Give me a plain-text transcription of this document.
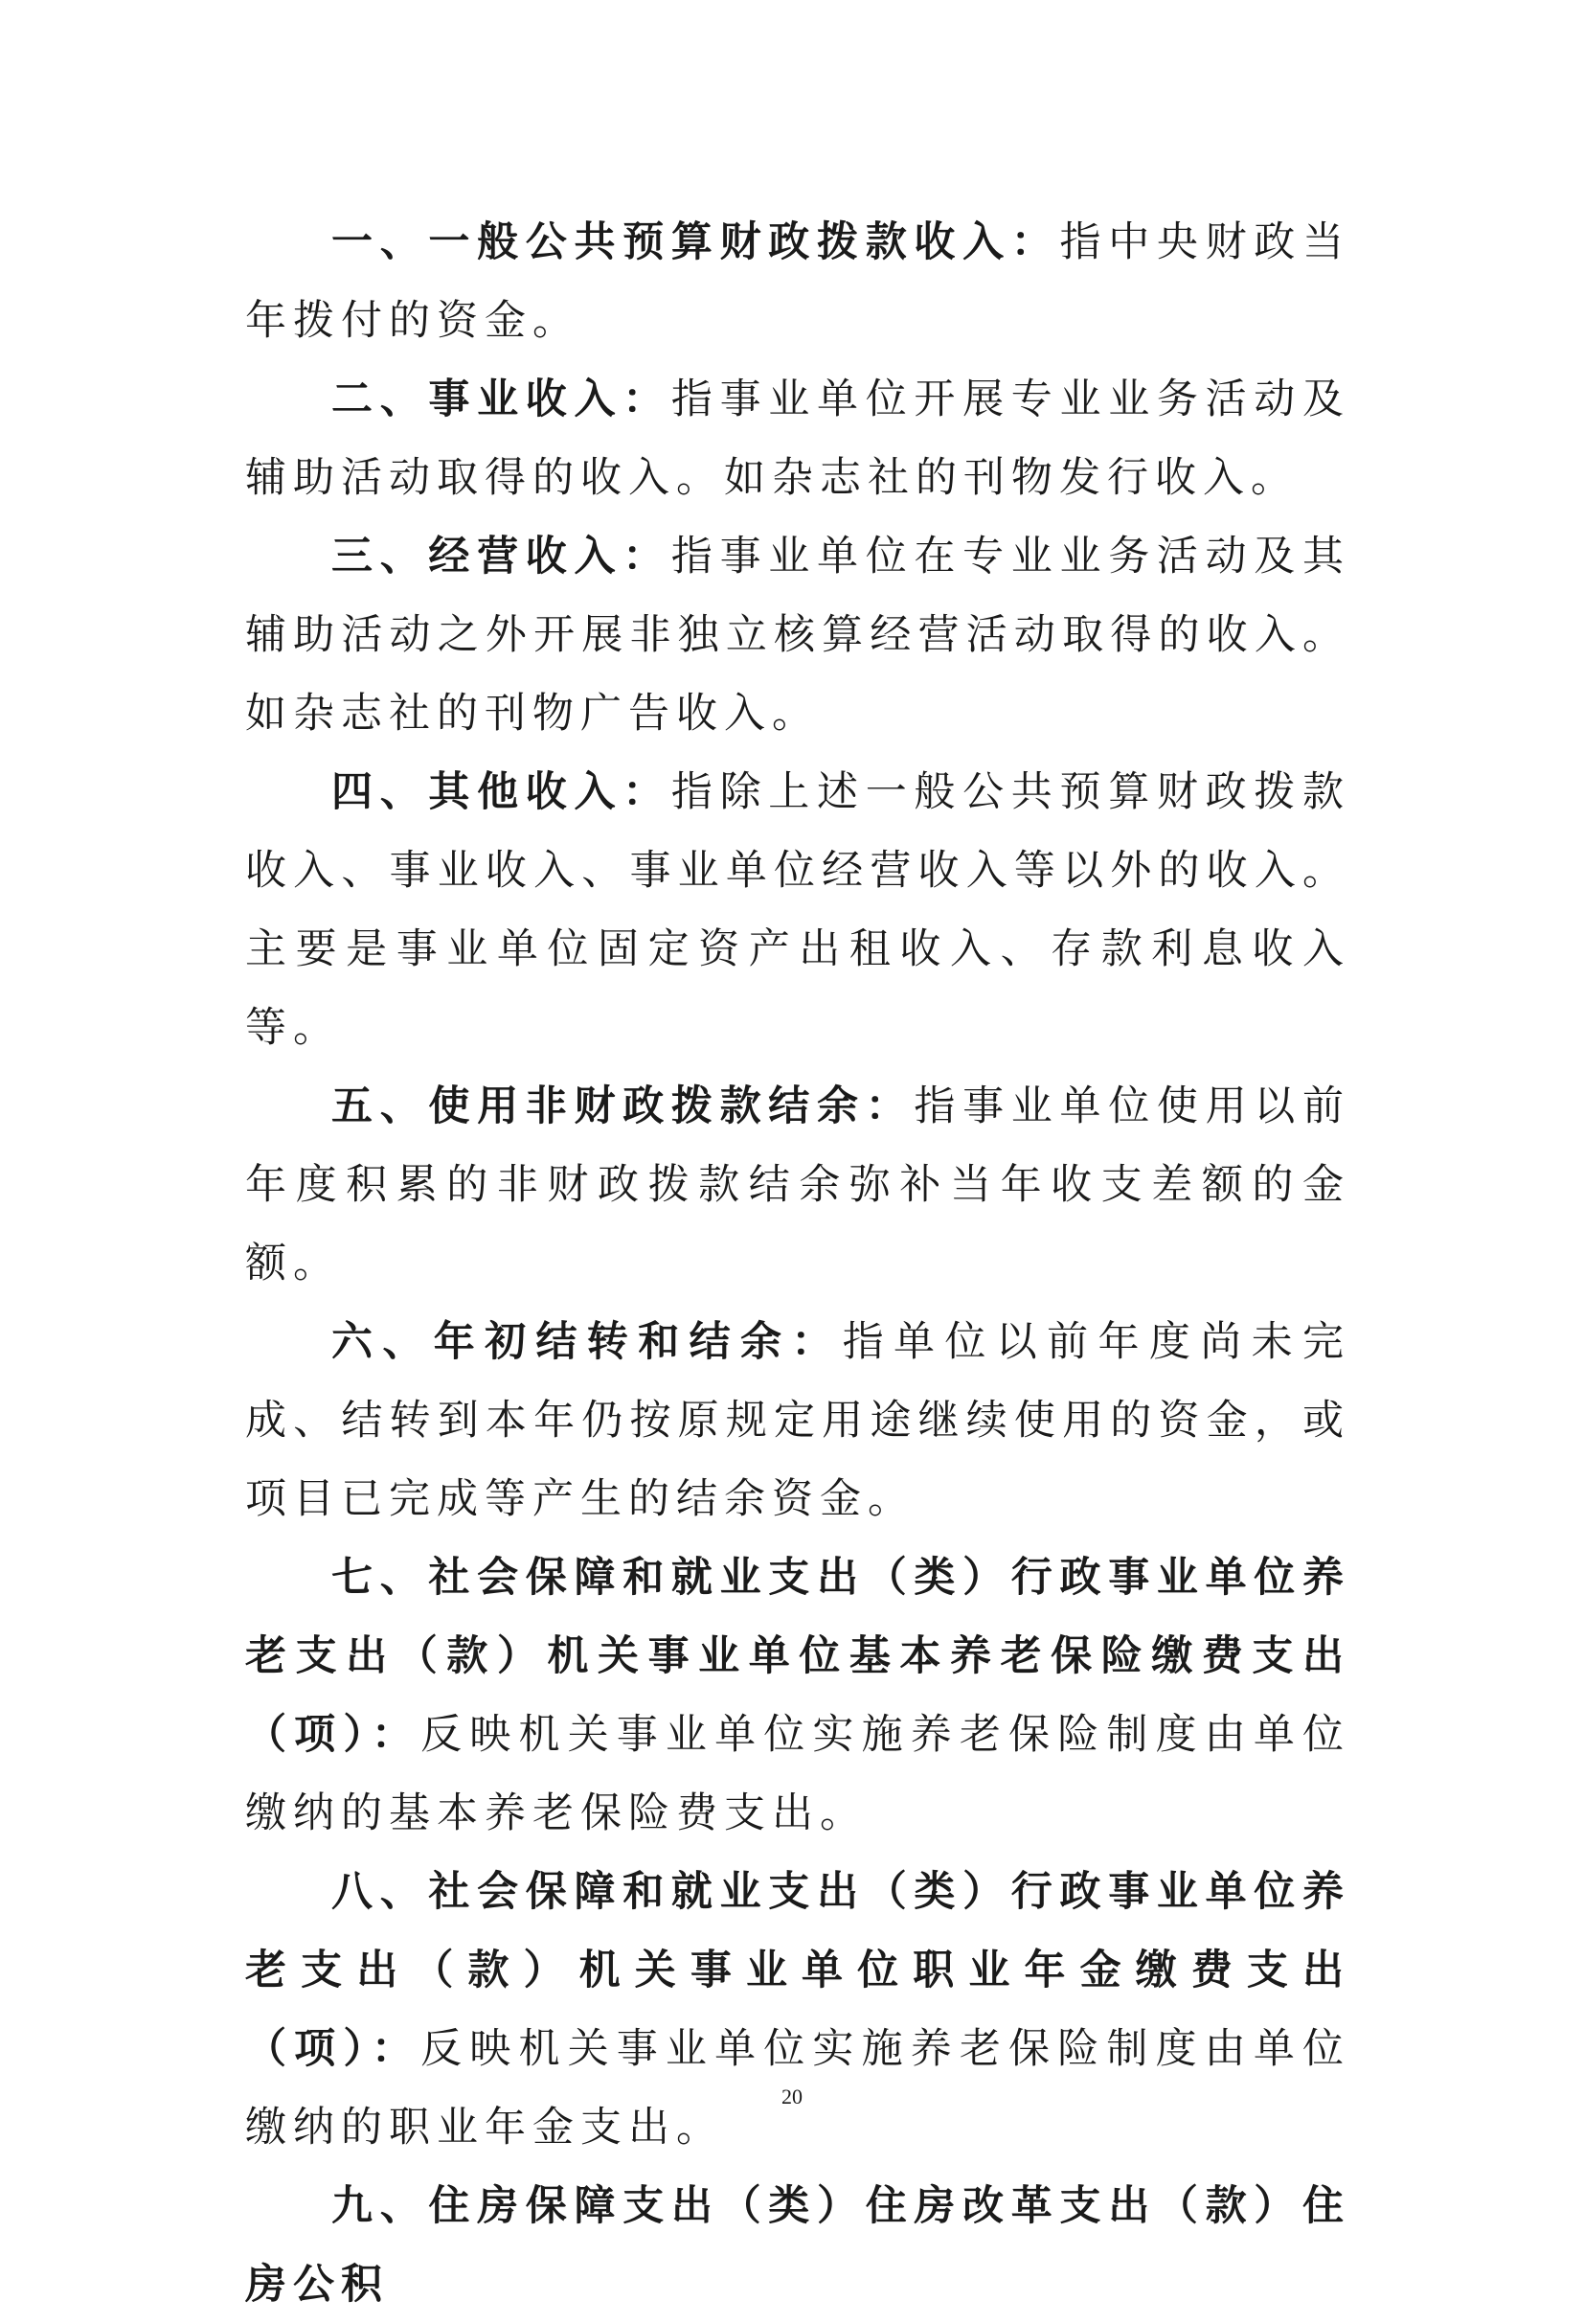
一、一般公共预算财政拨款收入：指中央财政当年拨付的资金。

二、事业收入：指事业单位开展专业业务活动及辅助活动取得的收入。如杂志社的刊物发行收入。

三、经营收入：指事业单位在专业业务活动及其辅助活动之外开展非独立核算经营活动取得的收入。如杂志社的刊物广告收入。

四、其他收入：指除上述一般公共预算财政拨款收入、事业收入、事业单位经营收入等以外的收入。主要是事业单位固定资产出租收入、存款利息收入等。

五、使用非财政拨款结余：指事业单位使用以前年度积累的非财政拨款结余弥补当年收支差额的金额。

六、年初结转和结余：指单位以前年度尚未完成、结转到本年仍按原规定用途继续使用的资金，或项目已完成等产生的结余资金。

七、社会保障和就业支出（类）行政事业单位养老支出（款）机关事业单位基本养老保险缴费支出（项）：反映机关事业单位实施养老保险制度由单位缴纳的基本养老保险费支出。

八、社会保障和就业支出（类）行政事业单位养老支出（款）机关事业单位职业年金缴费支出（项）：反映机关事业单位实施养老保险制度由单位缴纳的职业年金支出。

九、住房保障支出（类）住房改革支出（款）住房公积

20
